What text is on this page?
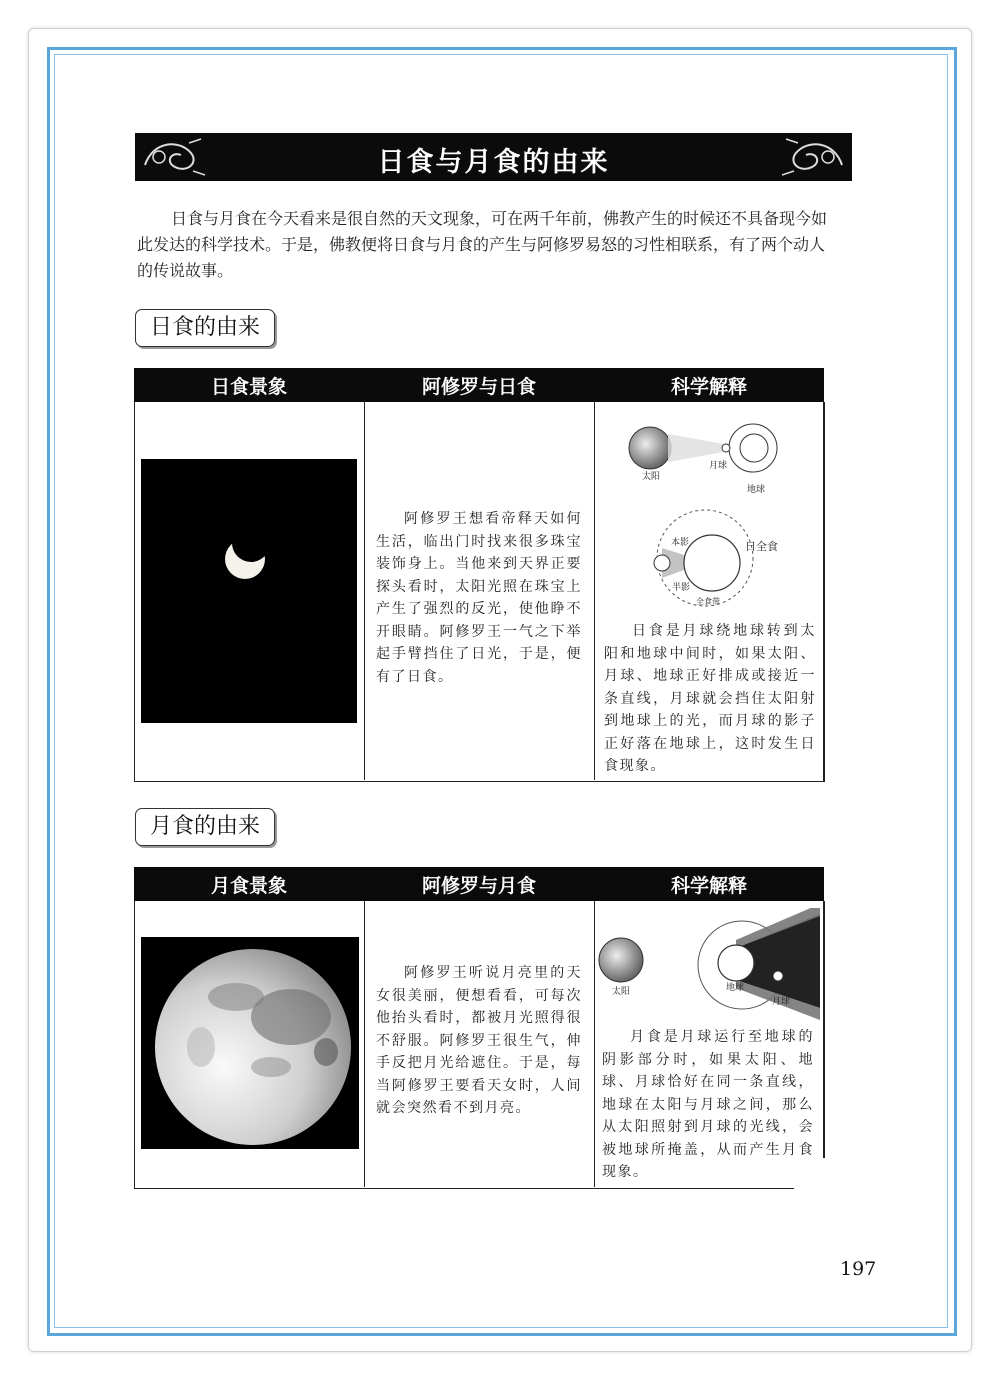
日食与月食的由来

日食与月食在今天看来是很自然的天文现象，可在两千年前，佛教产生的时候还不具备现今如此发达的科学技术。于是，佛教便将日食与月食的产生与阿修罗易怒的习性相联系，有了两个动人的传说故事。

日食的由来
日食景象	阿修罗与日食	科学解释

阿修罗王想看帝释天如何生活，临出门时找来很多珠宝装饰身上。当他来到天界正要探头看时，太阳光照在珠宝上产生了强烈的反光，使他睁不开眼睛。阿修罗王一气之下举起手臂挡住了日光，于是，便有了日食。

太阳
月球
地球
本影
半影
日全食
全食带

日食是月球绕地球转到太阳和地球中间时，如果太阳、月球、地球正好排成或接近一条直线，月球就会挡住太阳射到地球上的光，而月球的影子正好落在地球上，这时发生日食现象。

月食的由来
月食景象	阿修罗与月食	科学解释

阿修罗王听说月亮里的天女很美丽，便想看看，可每次他抬头看时，都被月光照得很不舒服。阿修罗王很生气，伸手反把月光给遮住。于是，每当阿修罗王要看天女时，人间就会突然看不到月亮。

太阳	地球
月球

月食是月球运行至地球的阴影部分时，如果太阳、地球、月球恰好在同一条直线，地球在太阳与月球之间，那么从太阳照射到月球的光线，会被地球所掩盖，从而产生月食现象。

197
